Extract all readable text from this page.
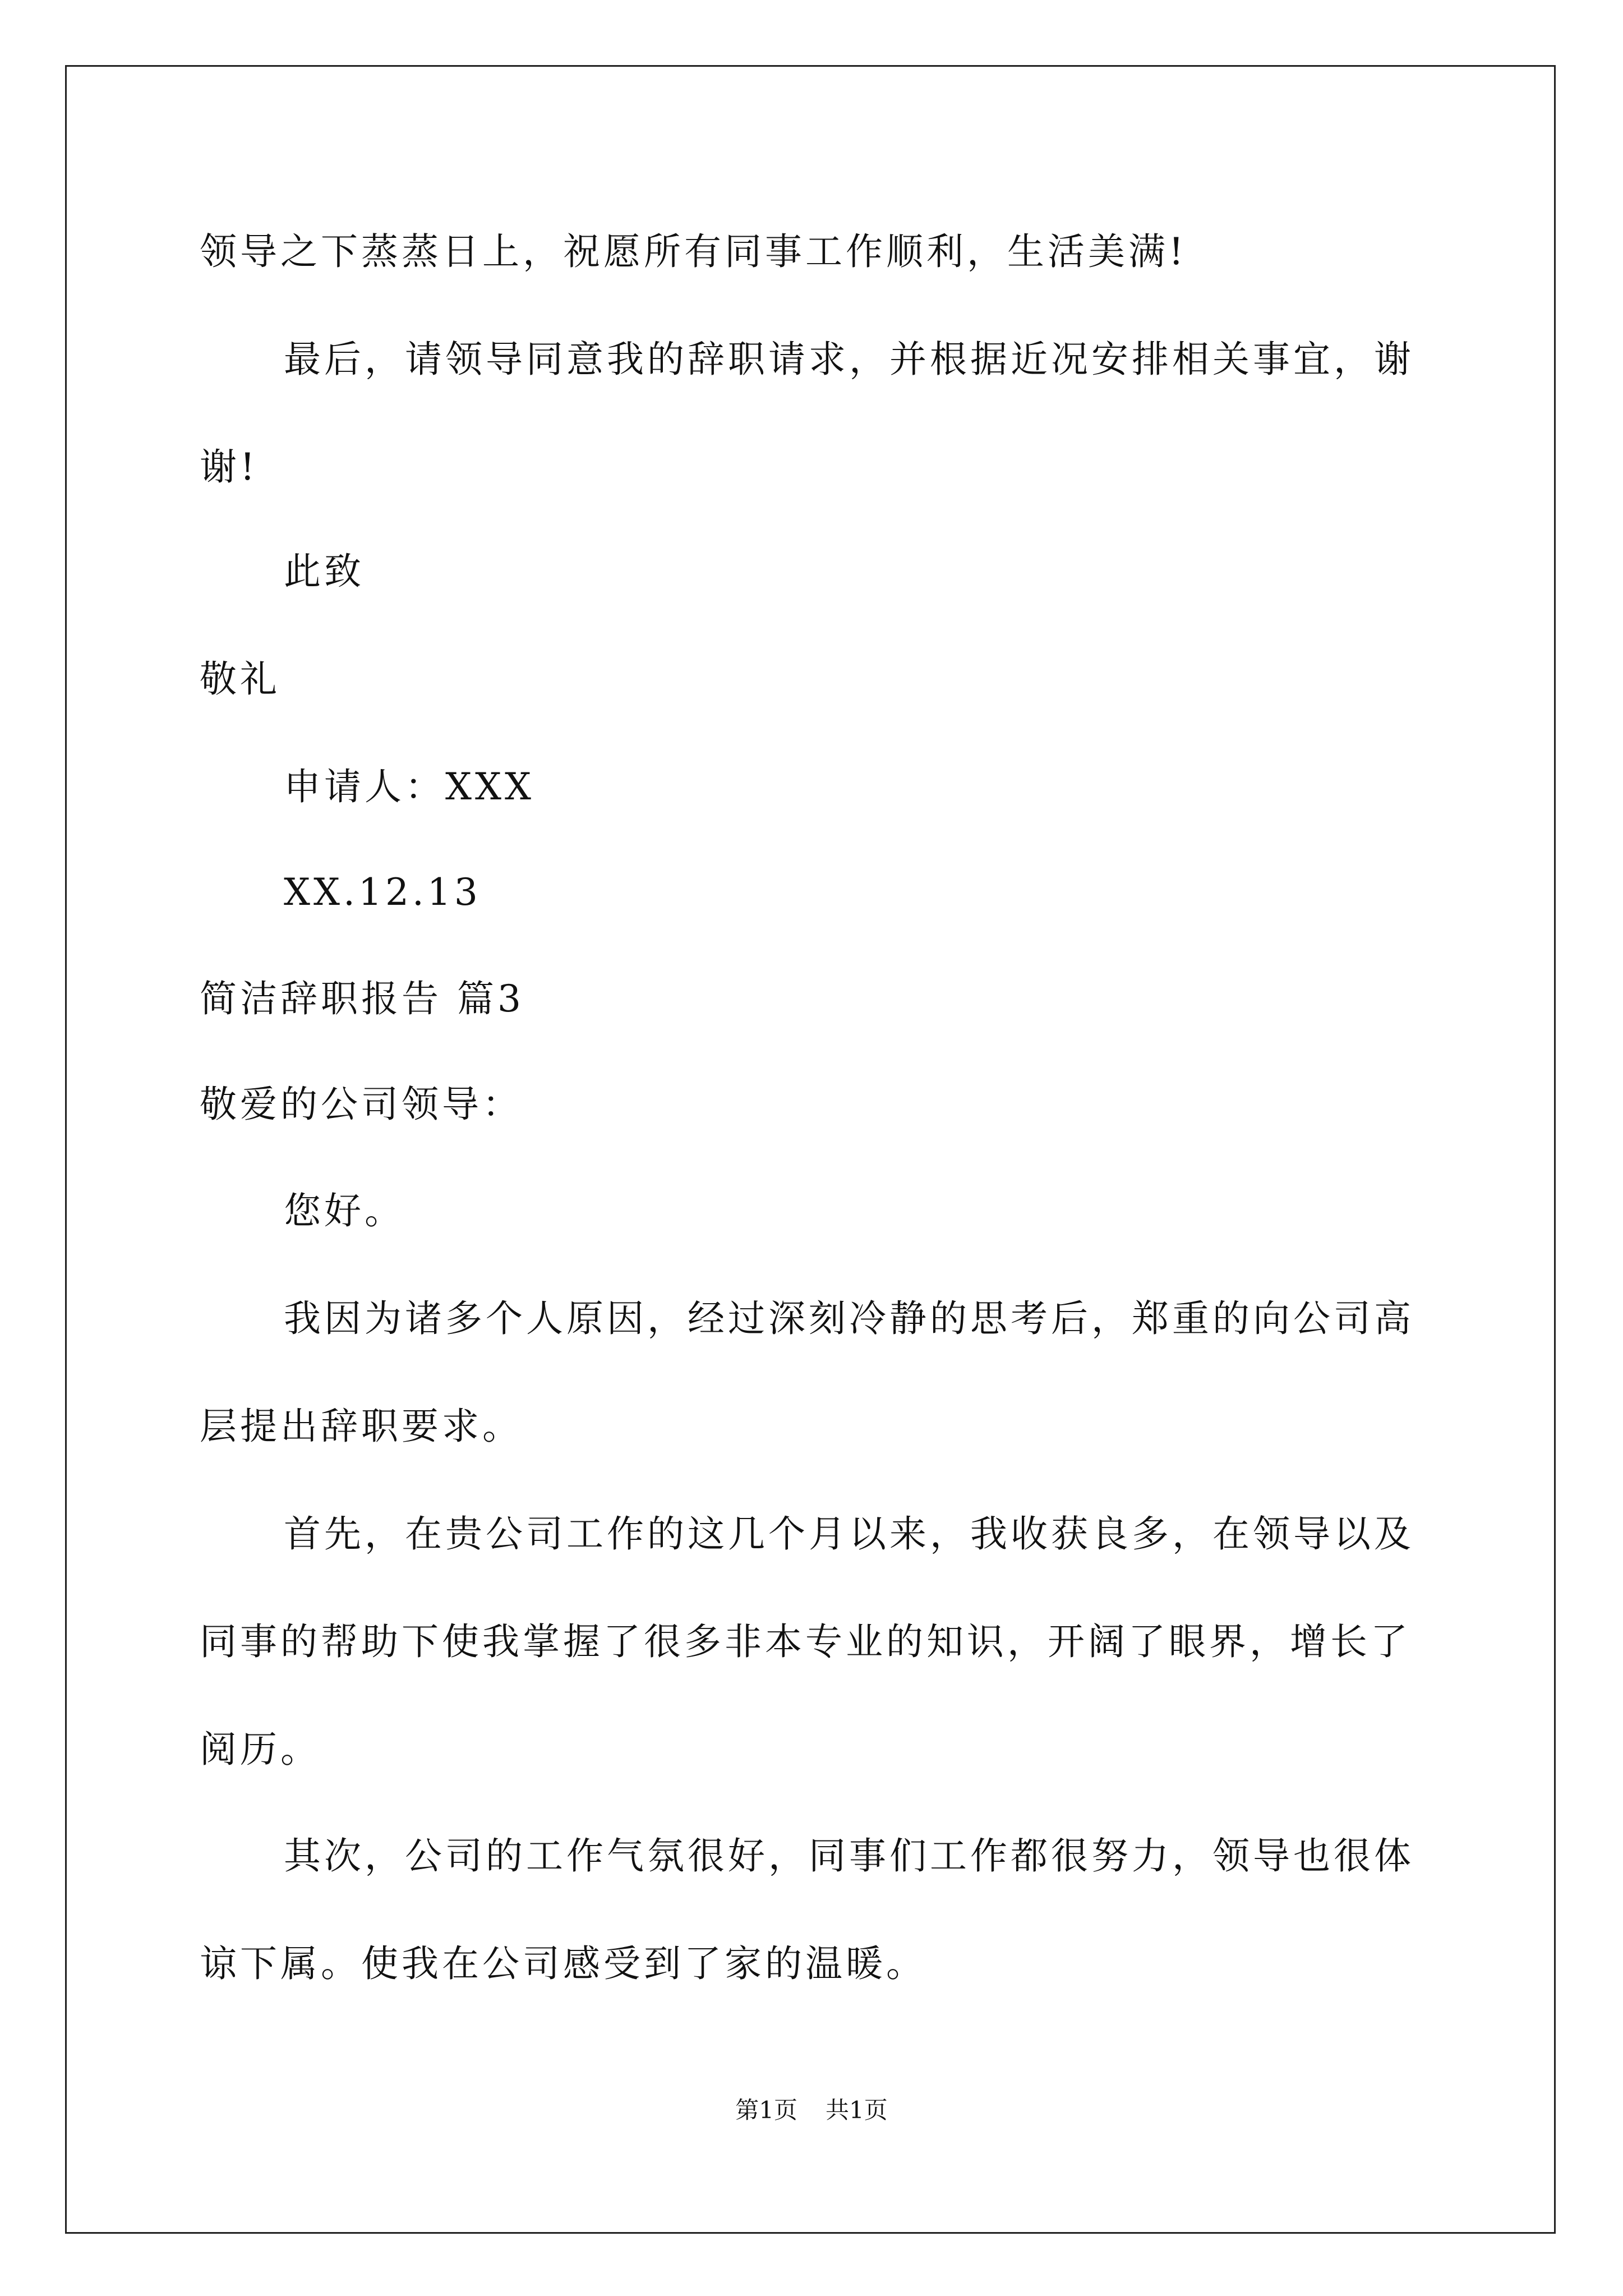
领导之下蒸蒸日上，祝愿所有同事工作顺利，生活美满!
最后，请领导同意我的辞职请求，并根据近况安排相关事宜，谢
谢!
此致
敬礼
申请人：XXX
XX.12.13
简洁辞职报告 篇3
敬爱的公司领导：
您好。
我因为诸多个人原因，经过深刻冷静的思考后，郑重的向公司高
层提出辞职要求。
首先，在贵公司工作的这几个月以来，我收获良多，在领导以及
同事的帮助下使我掌握了很多非本专业的知识，开阔了眼界，增长了
阅历。
其次，公司的工作气氛很好，同事们工作都很努力，领导也很体
谅下属。使我在公司感受到了家的温暖。
第1页 共1页
